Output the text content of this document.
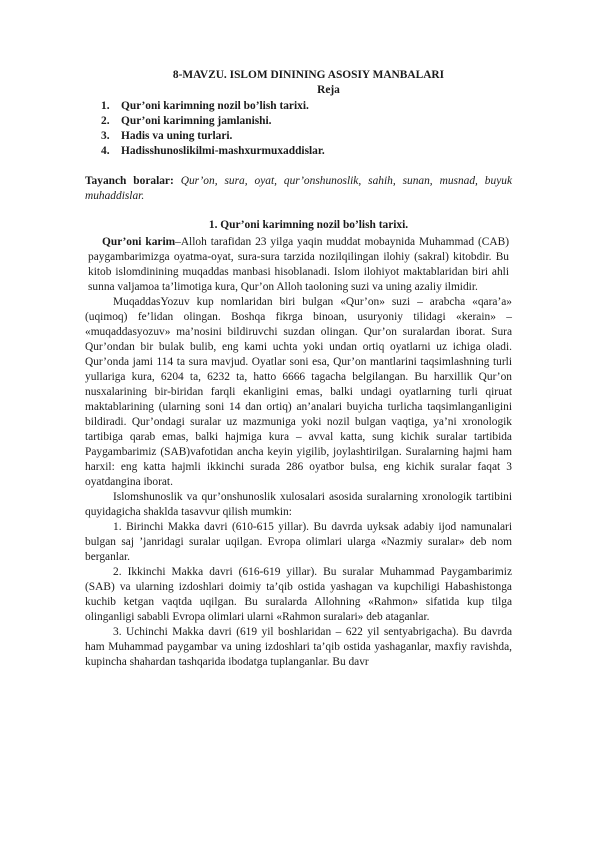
8-MAVZU. ISLOM DININING ASOSIY MANBALARI

Reja

1.	Qur’oni karimning nozil bo’lish tarixi.
2.	Qur’oni karimning jamlanishi.
3.	Hadis va uning turlari.
4.	Hadisshunoslikilmi-mashxurmuxaddislar.

Tayanch boralar: Qur’on, sura, oyat, qur’onshunoslik, sahih, sunan, musnad, buyuk muhaddislar.

1. Qur’oni karimning nozil bo’lish tarixi.

Qur’oni karim–Alloh tarafidan 23 yilga yaqin muddat mobaynida Muhammad (CAB) paygambarimizga oyatma-oyat, sura-sura tarzida nozilqilingan ilohiy (sakral) kitobdir. Bu kitob islomdinining muqaddas manbasi hisoblanadi. Islom ilohiyot maktablaridan biri ahli sunna valjamoa ta’limotiga kura, Qur’on Alloh taoloning suzi va uning azaliy ilmidir.

MuqaddasYozuv kup nomlaridan biri bulgan «Qur’on» suzi – arabcha «qara’a» (uqimoq) fe’lidan olingan. Boshqa fikrga binoan, usuryoniy tilidagi «kerain» – «muqaddasyozuv» ma’nosini bildiruvchi suzdan olingan. Qur’on suralardan iborat. Sura Qur’ondan bir bulak bulib, eng kami uchta yoki undan ortiq oyatlarni uz ichiga oladi. Qur’onda jami 114 ta sura mavjud. Oyatlar soni esa, Qur’on mantlarini taqsimlashning turli yullariga kura, 6204 ta, 6232 ta, hatto 6666 tagacha belgilangan. Bu harxillik Qur’on nusxalarining bir-biridan farqli ekanligini emas, balki undagi oyatlarning turli qiruat maktablarining (ularning soni 14 dan ortiq) an’analari buyicha turlicha taqsimlanganligini bildiradi. Qur’ondagi suralar uz mazmuniga yoki nozil bulgan vaqtiga, ya’ni xronologik tartibiga qarab emas, balki hajmiga kura – avval katta, sung kichik suralar tartibida Paygambarimiz (SAB)vafotidan ancha keyin yigilib, joylashtirilgan. Suralarning hajmi ham harxil: eng katta hajmli ikkinchi surada 286 oyatbor bulsa, eng kichik suralar faqat 3 oyatdangina iborat.

Islomshunoslik va qur’onshunoslik xulosalari asosida suralarning xronologik tartibini quyidagicha shaklda tasavvur qilish mumkin:

1. Birinchi Makka davri (610-615 yillar). Bu davrda uyksak adabiy ijod namunalari bulgan saj ’janridagi suralar uqilgan. Evropa olimlari ularga «Nazmiy suralar» deb nom berganlar.

2. Ikkinchi Makka davri (616-619 yillar). Bu suralar Muhammad Paygambarimiz (SAB) va ularning izdoshlari doimiy ta’qib ostida yashagan va kupchiligi Habashistonga kuchib ketgan vaqtda uqilgan. Bu suralarda Allohning «Rahmon» sifatida kup tilga olinganligi sababli Evropa olimlari ularni «Rahmon suralari» deb ataganlar.

3. Uchinchi Makka davri (619 yil boshlaridan – 622 yil sentyabrigacha). Bu davrda ham Muhammad paygambar va uning izdoshlari ta’qib ostida yashaganlar, maxfiy ravishda, kupincha shahardan tashqarida ibodatga tuplanganlar. Bu davr
